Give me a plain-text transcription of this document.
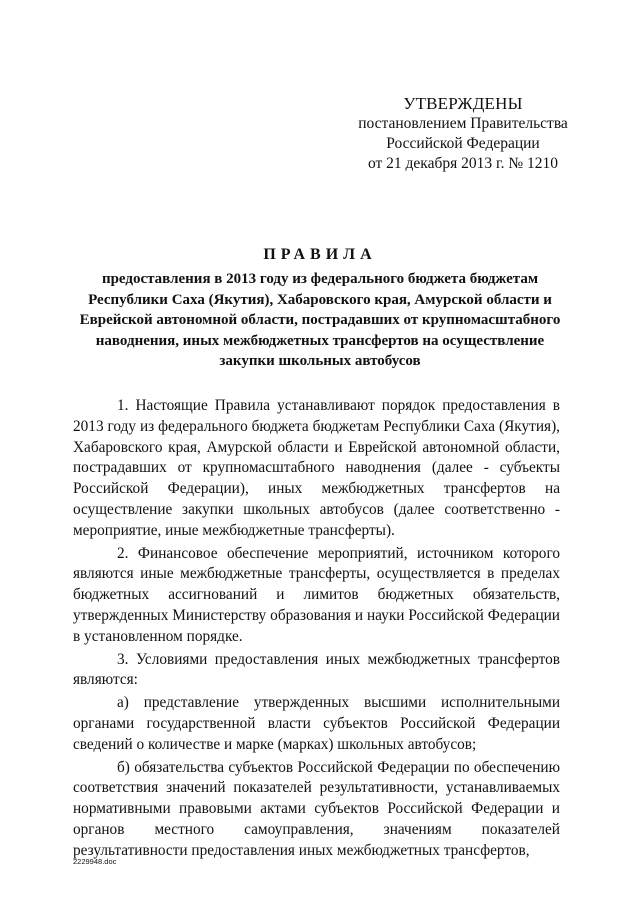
УТВЕРЖДЕНЫ
постановлением Правительства
Российской Федерации
от 21 декабря 2013 г. № 1210
ПРАВИЛА
предоставления в 2013 году из федерального бюджета бюджетам Республики Саха (Якутия), Хабаровского края, Амурской области и Еврейской автономной области, пострадавших от крупномасштабного наводнения, иных межбюджетных трансфертов на осуществление закупки школьных автобусов

1. Настоящие Правила устанавливают порядок предоставления в 2013 году из федерального бюджета бюджетам Республики Саха (Якутия), Хабаровского края, Амурской области и Еврейской автономной области, пострадавших от крупномасштабного наводнения (далее - субъекты Российской Федерации), иных межбюджетных трансфертов на осуществление закупки школьных автобусов (далее соответственно - мероприятие, иные межбюджетные трансферты).

2. Финансовое обеспечение мероприятий, источником которого являются иные межбюджетные трансферты, осуществляется в пределах бюджетных ассигнований и лимитов бюджетных обязательств, утвержденных Министерству образования и науки Российской Федерации в установленном порядке.

3. Условиями предоставления иных межбюджетных трансфертов являются:

а) представление утвержденных высшими исполнительными органами государственной власти субъектов Российской Федерации сведений о количестве и марке (марках) школьных автобусов;

б) обязательства субъектов Российской Федерации по обеспечению соответствия значений показателей результативности, устанавливаемых нормативными правовыми актами субъектов Российской Федерации и органов местного самоуправления, значениям показателей результативности предоставления иных межбюджетных трансфертов,

2229948.doc
